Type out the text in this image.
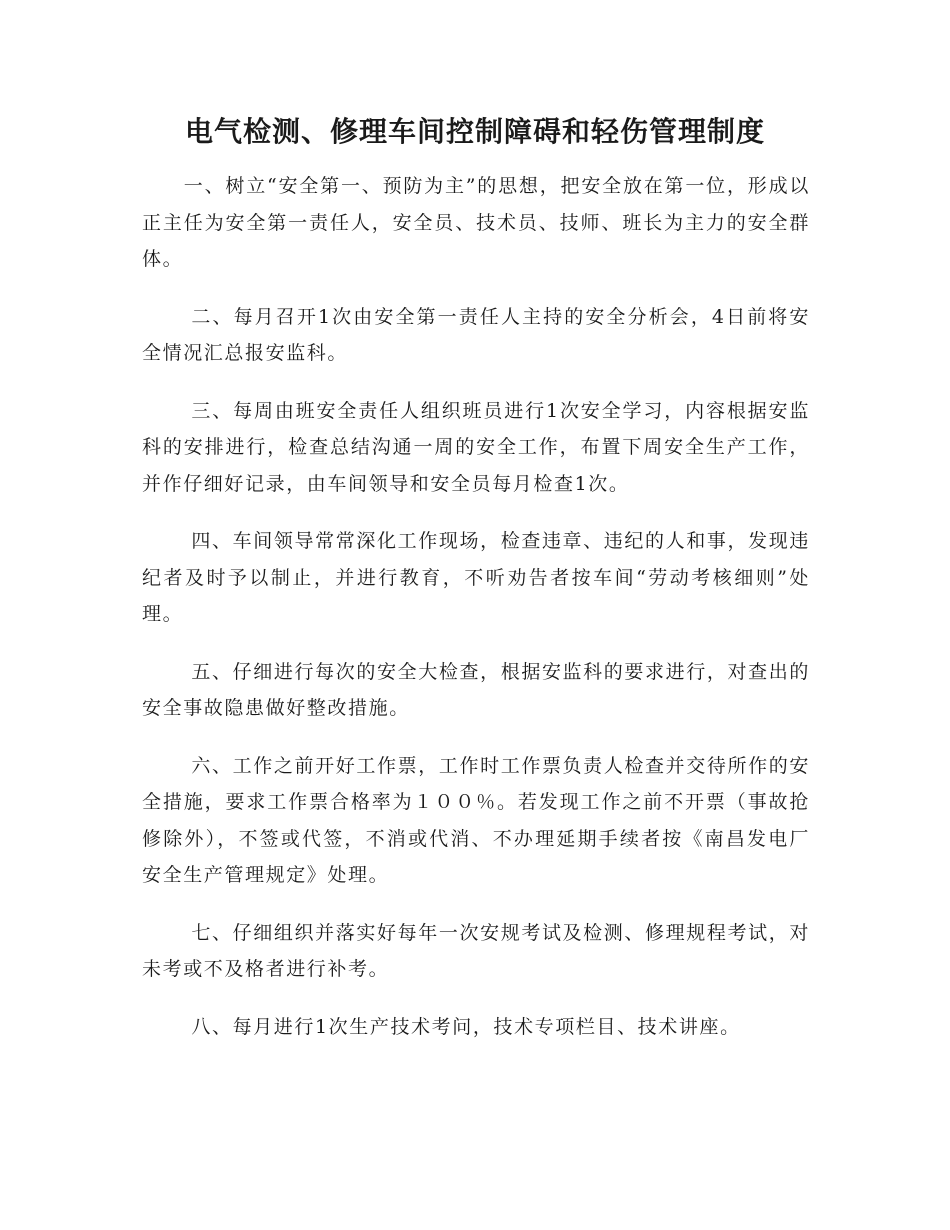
电气检测、修理车间控制障碍和轻伤管理制度

一、树立“安全第一、预防为主”的思想，把安全放在第一位，形成以正主任为安全第一责任人，安全员、技术员、技师、班长为主力的安全群体。

二、每月召开1次由安全第一责任人主持的安全分析会，4日前将安全情况汇总报安监科。

三、每周由班安全责任人组织班员进行1次安全学习，内容根据安监科的安排进行，检查总结沟通一周的安全工作，布置下周安全生产工作，并作仔细好记录，由车间领导和安全员每月检查1次。

四、车间领导常常深化工作现场，检查违章、违纪的人和事，发现违纪者及时予以制止，并进行教育，不听劝告者按车间“劳动考核细则”处理。

五、仔细进行每次的安全大检查，根据安监科的要求进行，对查出的安全事故隐患做好整改措施。

六、工作之前开好工作票，工作时工作票负责人检查并交待所作的安全措施，要求工作票合格率为１００％。若发现工作之前不开票（事故抢修除外），不签或代签，不消或代消、不办理延期手续者按《南昌发电厂安全生产管理规定》处理。

七、仔细组织并落实好每年一次安规考试及检测、修理规程考试，对未考或不及格者进行补考。

八、每月进行1次生产技术考问，技术专项栏目、技术讲座。
